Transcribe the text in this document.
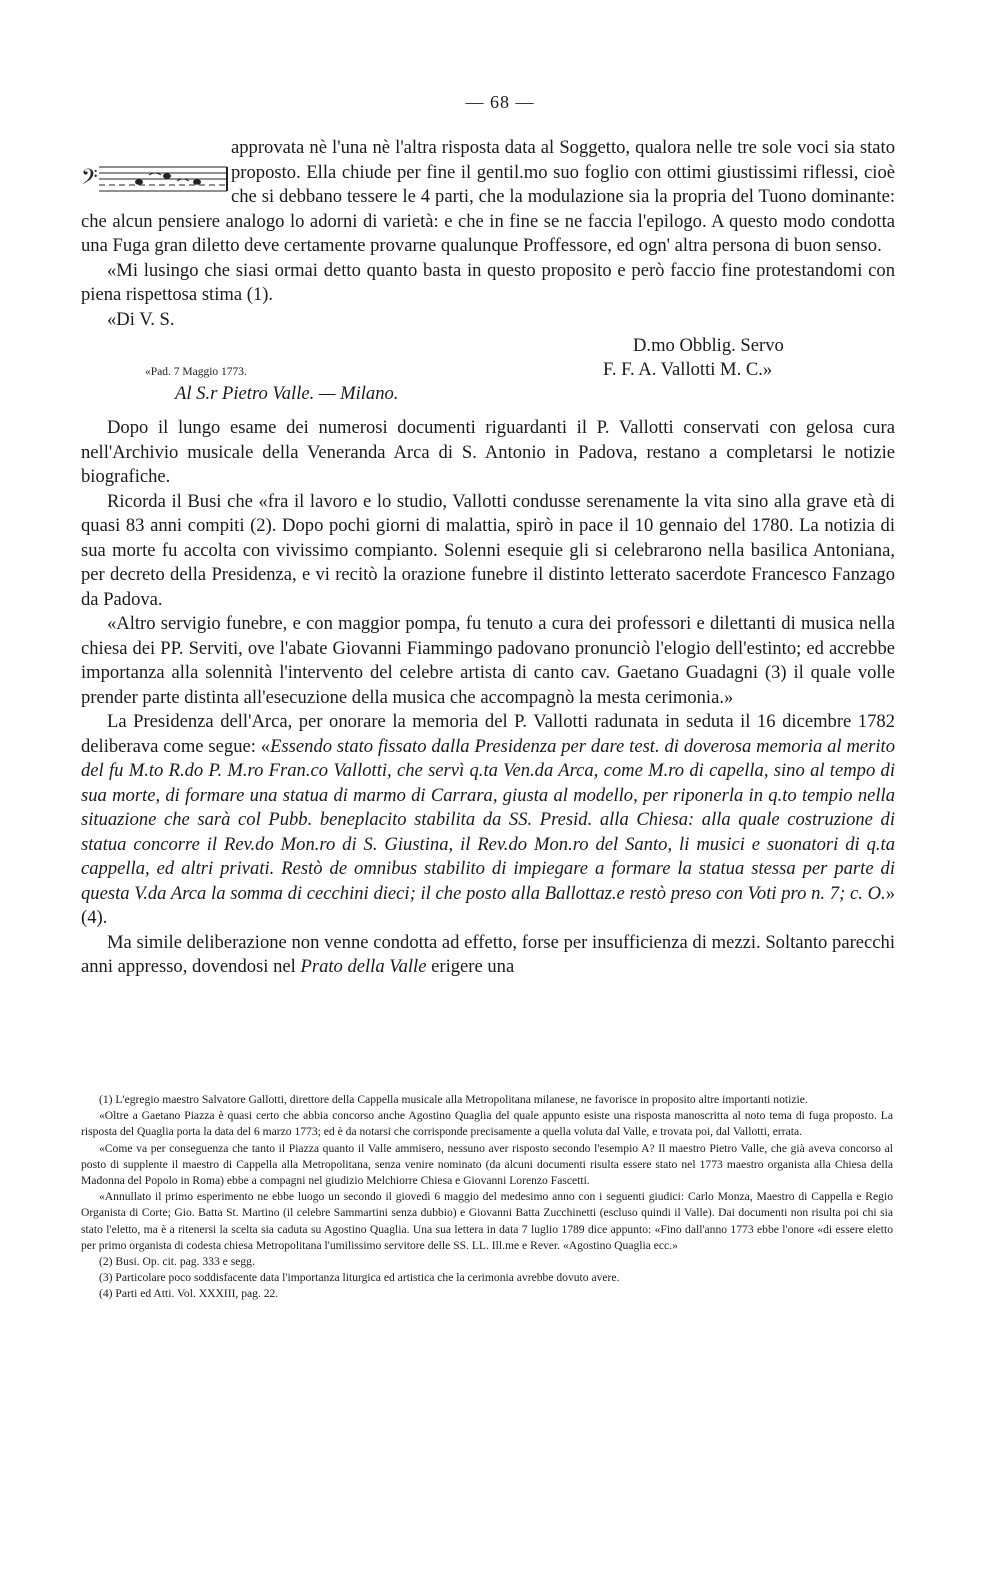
— 68 —
𝄢

approvata nè l'una nè l'altra risposta data al Soggetto, qualora nelle tre sole voci sia stato proposto. Ella chiude per fine il gentil.mo suo foglio con ottimi giustissimi riflessi, cioè che si debbano tessere le 4 parti, che la modulazione sia la propria del Tuono dominante: che alcun pensiere analogo lo adorni di varietà: e che in fine se ne faccia l'epilogo. A questo modo condotta una Fuga gran diletto deve certamente provarne qualunque Proffessore, ed ogn' altra persona di buon senso.

«Mi lusingo che siasi ormai detto quanto basta in questo proposito e però faccio fine protestandomi con piena rispettosa stima (1).

«Di V. S.

D.mo Obblig. Servo
«Pad. 7 Maggio 1773.	F. F. A. Vallotti M. C.»
Al S.r Pietro Valle. — Milano.

Dopo il lungo esame dei numerosi documenti riguardanti il P. Vallotti conservati con gelosa cura nell'Archivio musicale della Veneranda Arca di S. Antonio in Padova, restano a completarsi le notizie biografiche.

Ricorda il Busi che «fra il lavoro e lo studio, Vallotti condusse serenamente la vita sino alla grave età di quasi 83 anni compiti (2). Dopo pochi giorni di malattia, spirò in pace il 10 gennaio del 1780. La notizia di sua morte fu accolta con vivissimo compianto. Solenni esequie gli si celebrarono nella basilica Antoniana, per decreto della Presidenza, e vi recitò la orazione funebre il distinto letterato sacerdote Francesco Fanzago da Padova.

«Altro servigio funebre, e con maggior pompa, fu tenuto a cura dei professori e dilettanti di musica nella chiesa dei PP. Serviti, ove l'abate Giovanni Fiammingo padovano pronunciò l'elogio dell'estinto; ed accrebbe importanza alla solennità l'intervento del celebre artista di canto cav. Gaetano Guadagni (3) il quale volle prender parte distinta all'esecuzione della musica che accompagnò la mesta cerimonia.»

La Presidenza dell'Arca, per onorare la memoria del P. Vallotti radunata in seduta il 16 dicembre 1782 deliberava come segue: «Essendo stato fissato dalla Presidenza per dare test. di doverosa memoria al merito del fu M.to R.do P. M.ro Fran.co Vallotti, che servì q.ta Ven.da Arca, come M.ro di capella, sino al tempo di sua morte, di formare una statua di marmo di Carrara, giusta al modello, per riponerla in q.to tempio nella situazione che sarà col Pubb. beneplacito stabilita da SS. Presid. alla Chiesa: alla quale costruzione di statua concorre il Rev.do Mon.ro di S. Giustina, il Rev.do Mon.ro del Santo, li musici e suonatori di q.ta cappella, ed altri privati. Restò de omnibus stabilito di impiegare a formare la statua stessa per parte di questa V.da Arca la somma di cecchini dieci; il che posto alla Ballottaz.e restò preso con Voti pro n. 7; c. O.» (4).

Ma simile deliberazione non venne condotta ad effetto, forse per insufficienza di mezzi. Soltanto parecchi anni appresso, dovendosi nel Prato della Valle erigere una

(1) L'egregio maestro Salvatore Gallotti, direttore della Cappella musicale alla Metropolitana milanese, ne favorisce in proposito altre importanti notizie.

«Oltre a Gaetano Piazza è quasi certo che abbia concorso anche Agostino Quaglia del quale appunto esiste una risposta manoscritta al noto tema di fuga proposto. La risposta del Quaglia porta la data del 6 marzo 1773; ed è da notarsi che corrisponde precisamente a quella voluta dal Valle, e trovata poi, dal Vallotti, errata.

«Come va per conseguenza che tanto il Piazza quanto il Valle ammisero, nessuno aver risposto secondo l'esempio A? Il maestro Pietro Valle, che già aveva concorso al posto di supplente il maestro di Cappella alla Metropolitana, senza venire nominato (da alcuni documenti risulta essere stato nel 1773 maestro organista alla Chiesa della Madonna del Popolo in Roma) ebbe a compagni nel giudizio Melchiorre Chiesa e Giovanni Lorenzo Fascetti.

«Annullato il primo esperimento ne ebbe luogo un secondo il giovedì 6 maggio del medesimo anno con i seguenti giudici: Carlo Monza, Maestro di Cappella e Regio Organista di Corte; Gio. Batta St. Martino (il celebre Sammartini senza dubbio) e Giovanni Batta Zucchinetti (escluso quindi il Valle). Dai documenti non risulta poi chi sia stato l'eletto, ma è a ritenersi la scelta sia caduta su Agostino Quaglia. Una sua lettera in data 7 luglio 1789 dice appunto: «Fino dall'anno 1773 ebbe l'onore «di essere eletto per primo organista di codesta chiesa Metropolitana l'umilissimo servitore delle SS. LL. Ill.me e Rever. «Agostino Quaglia ecc.»

(2) Busi. Op. cit. pag. 333 e segg.

(3) Particolare poco soddisfacente data l'importanza liturgica ed artistica che la cerimonia avrebbe dovuto avere.

(4) Parti ed Atti. Vol. XXXIII, pag. 22.
